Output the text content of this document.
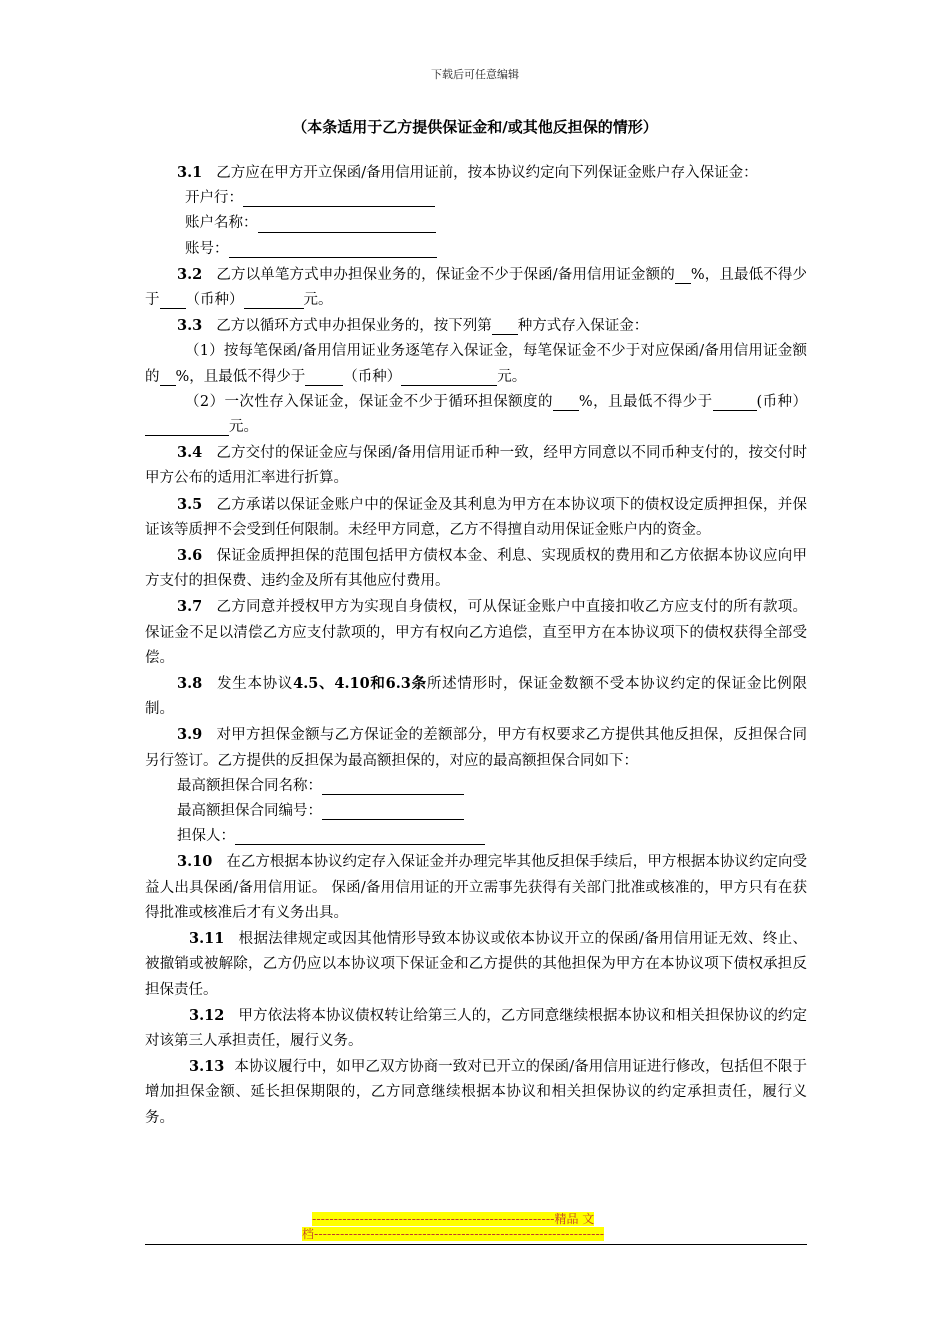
下载后可任意编辑
（本条适用于乙方提供保证金和/或其他反担保的情形）

3.1 乙方应在甲方开立保函/备用信用证前，按本协议约定向下列保证金账户存入保证金：

开户行：

账户名称：

账号：

3.2 乙方以单笔方式申办担保业务的，保证金不少于保函/备用信用证金额的 %，且最低不得少于 （币种）	元。

3.3 乙方以循环方式申办担保业务的，按下列第 种方式存入保证金：

（1）按每笔保函/备用信用证业务逐笔存入保证金，每笔保证金不少于对应保函/备用信用证金额的 %，且最低不得少于	（币种）	元。

（2）一次性存入保证金，保证金不少于循环担保额度的 %，且最低不得少于	(币种）元。

3.4 乙方交付的保证金应与保函/备用信用证币种一致，经甲方同意以不同币种支付的，按交付时甲方公布的适用汇率进行折算。

3.5 乙方承诺以保证金账户中的保证金及其利息为甲方在本协议项下的债权设定质押担保，并保证该等质押不会受到任何限制。未经甲方同意，乙方不得擅自动用保证金账户内的资金。

3.6 保证金质押担保的范围包括甲方债权本金、利息、实现质权的费用和乙方依据本协议应向甲方支付的担保费、违约金及所有其他应付费用。

3.7 乙方同意并授权甲方为实现自身债权，可从保证金账户中直接扣收乙方应支付的所有款项。保证金不足以清偿乙方应支付款项的，甲方有权向乙方追偿，直至甲方在本协议项下的债权获得全部受偿。

3.8 发生本协议4.5、4.10和6.3条所述情形时，保证金数额不受本协议约定的保证金比例限制。

3.9 对甲方担保金额与乙方保证金的差额部分，甲方有权要求乙方提供其他反担保，反担保合同另行签订。乙方提供的反担保为最高额担保的，对应的最高额担保合同如下：

最高额担保合同名称：

最高额担保合同编号：

担保人：

3.10 在乙方根据本协议约定存入保证金并办理完毕其他反担保手续后，甲方根据本协议约定向受益人出具保函/备用信用证。 保函/备用信用证的开立需事先获得有关部门批准或核准的，甲方只有在获得批准或核准后才有义务出具。

3.11 根据法律规定或因其他情形导致本协议或依本协议开立的保函/备用信用证无效、终止、被撤销或被解除，乙方仍应以本协议项下保证金和乙方提供的其他担保为甲方在本协议项下债权承担反担保责任。

3.12 甲方依法将本协议债权转让给第三人的，乙方同意继续根据本协议和相关担保协议的约定对该第三人承担责任，履行义务。

3.13 本协议履行中，如甲乙双方协商一致对已开立的保函/备用信用证进行修改，包括但不限于增加担保金额、延长担保期限的，乙方同意继续根据本协议和相关担保协议的约定承担责任，履行义务。

--------------------------------------------------------精品 文
档-------------------------------------------------------------------
